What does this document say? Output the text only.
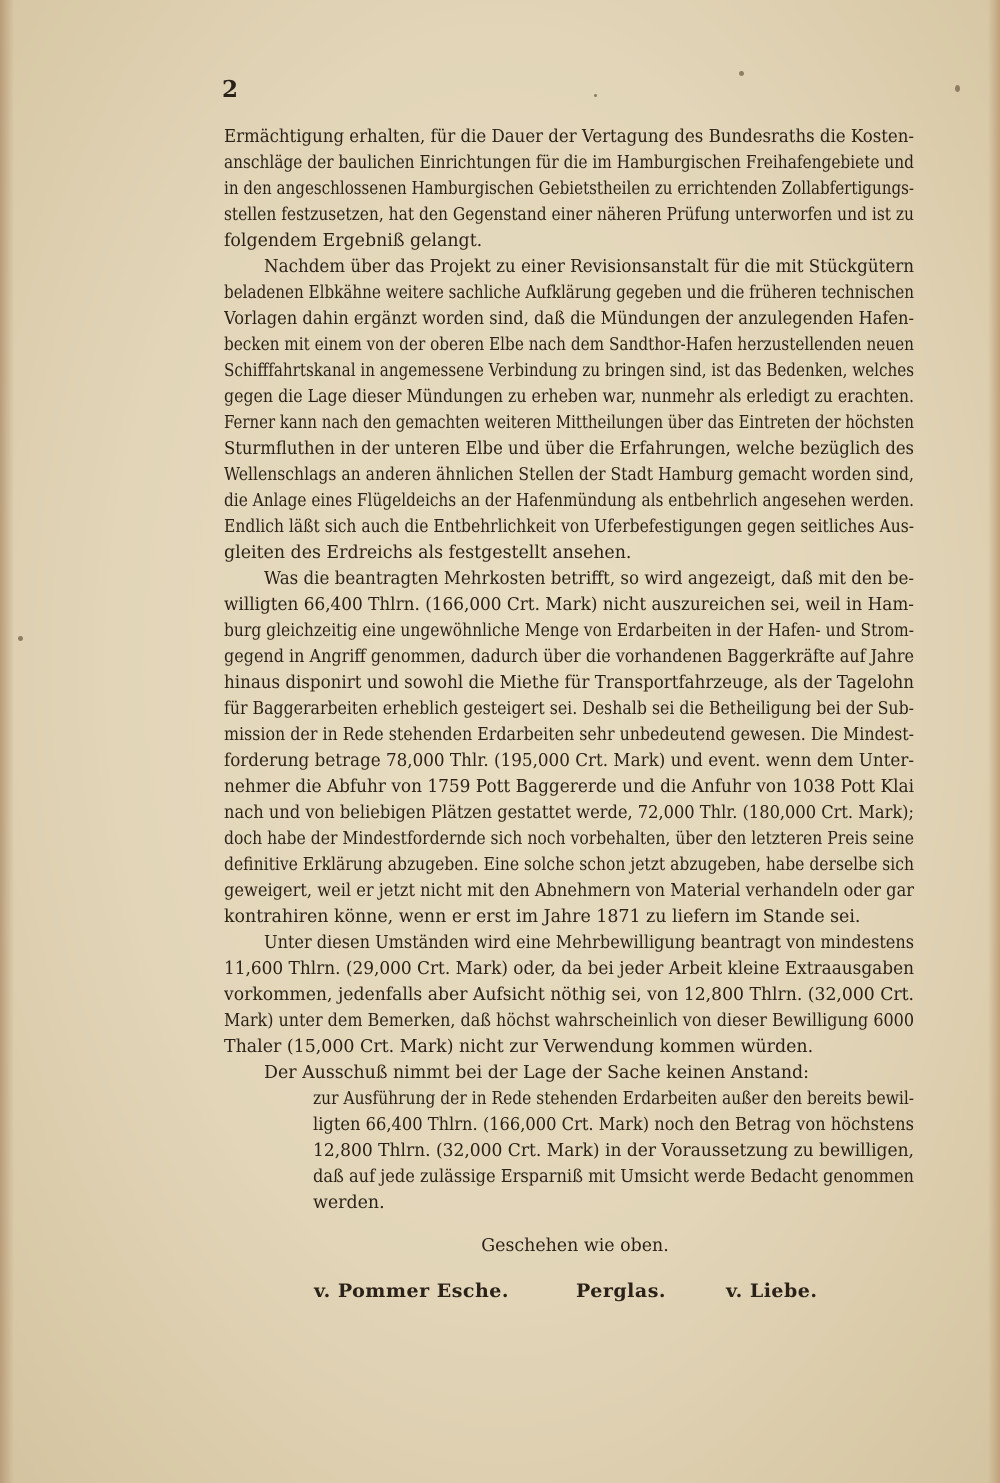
2
Ermächtigung erhalten, für die Dauer der Vertagung des Bundesraths die Kosten-
anschläge der baulichen Einrichtungen für die im Hamburgischen Freihafengebiete und
in den angeschlossenen Hamburgischen Gebietstheilen zu errichtenden Zollabfertigungs-
stellen festzusetzen, hat den Gegenstand einer näheren Prüfung unterworfen und ist zu
folgendem Ergebniß gelangt.
Nachdem über das Projekt zu einer Revisionsanstalt für die mit Stückgütern
beladenen Elbkähne weitere sachliche Aufklärung gegeben und die früheren technischen
Vorlagen dahin ergänzt worden sind, daß die Mündungen der anzulegenden Hafen-
becken mit einem von der oberen Elbe nach dem Sandthor-Hafen herzustellenden neuen
Schifffahrtskanal in angemessene Verbindung zu bringen sind, ist das Bedenken, welches
gegen die Lage dieser Mündungen zu erheben war, nunmehr als erledigt zu erachten.
Ferner kann nach den gemachten weiteren Mittheilungen über das Eintreten der höchsten
Sturmfluthen in der unteren Elbe und über die Erfahrungen, welche bezüglich des
Wellenschlags an anderen ähnlichen Stellen der Stadt Hamburg gemacht worden sind,
die Anlage eines Flügeldeichs an der Hafenmündung als entbehrlich angesehen werden.
Endlich läßt sich auch die Entbehrlichkeit von Uferbefestigungen gegen seitliches Aus-
gleiten des Erdreichs als festgestellt ansehen.
Was die beantragten Mehrkosten betrifft, so wird angezeigt, daß mit den be-
willigten 66,400 Thlrn. (166,000 Crt. Mark) nicht auszureichen sei, weil in Ham-
burg gleichzeitig eine ungewöhnliche Menge von Erdarbeiten in der Hafen- und Strom-
gegend in Angriff genommen, dadurch über die vorhandenen Baggerkräfte auf Jahre
hinaus disponirt und sowohl die Miethe für Transportfahrzeuge, als der Tagelohn
für Baggerarbeiten erheblich gesteigert sei. Deshalb sei die Betheiligung bei der Sub-
mission der in Rede stehenden Erdarbeiten sehr unbedeutend gewesen. Die Mindest-
forderung betrage 78,000 Thlr. (195,000 Crt. Mark) und event. wenn dem Unter-
nehmer die Abfuhr von 1759 Pott Baggererde und die Anfuhr von 1038 Pott Klai
nach und von beliebigen Plätzen gestattet werde, 72,000 Thlr. (180,000 Crt. Mark);
doch habe der Mindestfordernde sich noch vorbehalten, über den letzteren Preis seine
definitive Erklärung abzugeben. Eine solche schon jetzt abzugeben, habe derselbe sich
geweigert, weil er jetzt nicht mit den Abnehmern von Material verhandeln oder gar
kontrahiren könne, wenn er erst im Jahre 1871 zu liefern im Stande sei.
Unter diesen Umständen wird eine Mehrbewilligung beantragt von mindestens
11,600 Thlrn. (29,000 Crt. Mark) oder, da bei jeder Arbeit kleine Extraausgaben
vorkommen, jedenfalls aber Aufsicht nöthig sei, von 12,800 Thlrn. (32,000 Crt.
Mark) unter dem Bemerken, daß höchst wahrscheinlich von dieser Bewilligung 6000
Thaler (15,000 Crt. Mark) nicht zur Verwendung kommen würden.
Der Ausschuß nimmt bei der Lage der Sache keinen Anstand:
zur Ausführung der in Rede stehenden Erdarbeiten außer den bereits bewil-
ligten 66,400 Thlrn. (166,000 Crt. Mark) noch den Betrag von höchstens
12,800 Thlrn. (32,000 Crt. Mark) in der Voraussetzung zu bewilligen,
daß auf jede zulässige Ersparniß mit Umsicht werde Bedacht genommen
werden.
Geschehen wie oben.
v. Pommer Esche.	Perglas.	v. Liebe.
